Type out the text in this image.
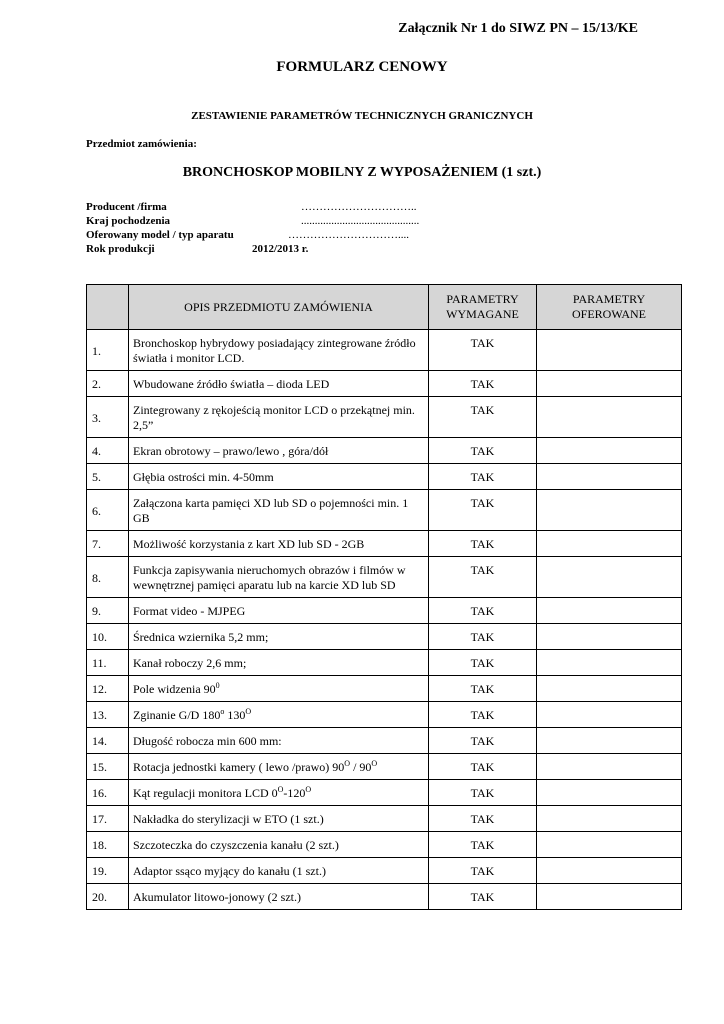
Załącznik Nr 1 do SIWZ PN – 15/13/KE
FORMULARZ CENOWY
ZESTAWIENIE PARAMETRÓW TECHNICZNYCH GRANICZNYCH
Przedmiot zamówienia:
BRONCHOSKOP MOBILNY Z WYPOSAŻENIEM (1 szt.)
Producent /firma	…………………………..
Kraj pochodzenia	...........................................
Oferowany model / typ aparatu	…………………………....
Rok produkcji	2012/2013 r.
	OPIS PRZEDMIOTU ZAMÓWIENIA	PARAMETRY WYMAGANE	PARAMETRY OFEROWANE
1.	Bronchoskop hybrydowy posiadający zintegrowane źródło światła i monitor LCD.	TAK	
2.	Wbudowane źródło światła – dioda LED	TAK	
3.	Zintegrowany z rękojeścią monitor LCD o przekątnej min. 2,5”	TAK	
4.	Ekran obrotowy – prawo/lewo , góra/dół	TAK	
5.	Głębia ostrości min. 4-50mm	TAK	
6.	Załączona karta pamięci XD lub SD o pojemności min. 1 GB	TAK	
7.	Możliwość korzystania z kart XD lub SD - 2GB	TAK	
8.	Funkcja zapisywania nieruchomych obrazów i filmów w wewnętrznej pamięci aparatu lub na karcie XD lub SD	TAK	
9.	Format video - MJPEG	TAK	
10.	Średnica wziernika 5,2 mm;	TAK	
11.	Kanał roboczy 2,6 mm;	TAK	
12.	Pole widzenia $90^0$	TAK	
13.	Zginanie G/D 180$^o$ $130^O$	TAK	
14.	Długość robocza min 600 mm:	TAK	
15.	Rotacja jednostki kamery ( lewo /prawo) $90^O / 90^O$	TAK	
16.	Kąt regulacji monitora LCD $0^O-120^O$	TAK	
17.	Nakładka do sterylizacji w ETO (1 szt.)	TAK	
18.	Szczoteczka do czyszczenia kanału (2 szt.)	TAK	
19.	Adaptor ssąco myjący do kanału (1 szt.)	TAK	
20.	Akumulator litowo-jonowy (2 szt.)	TAK	
